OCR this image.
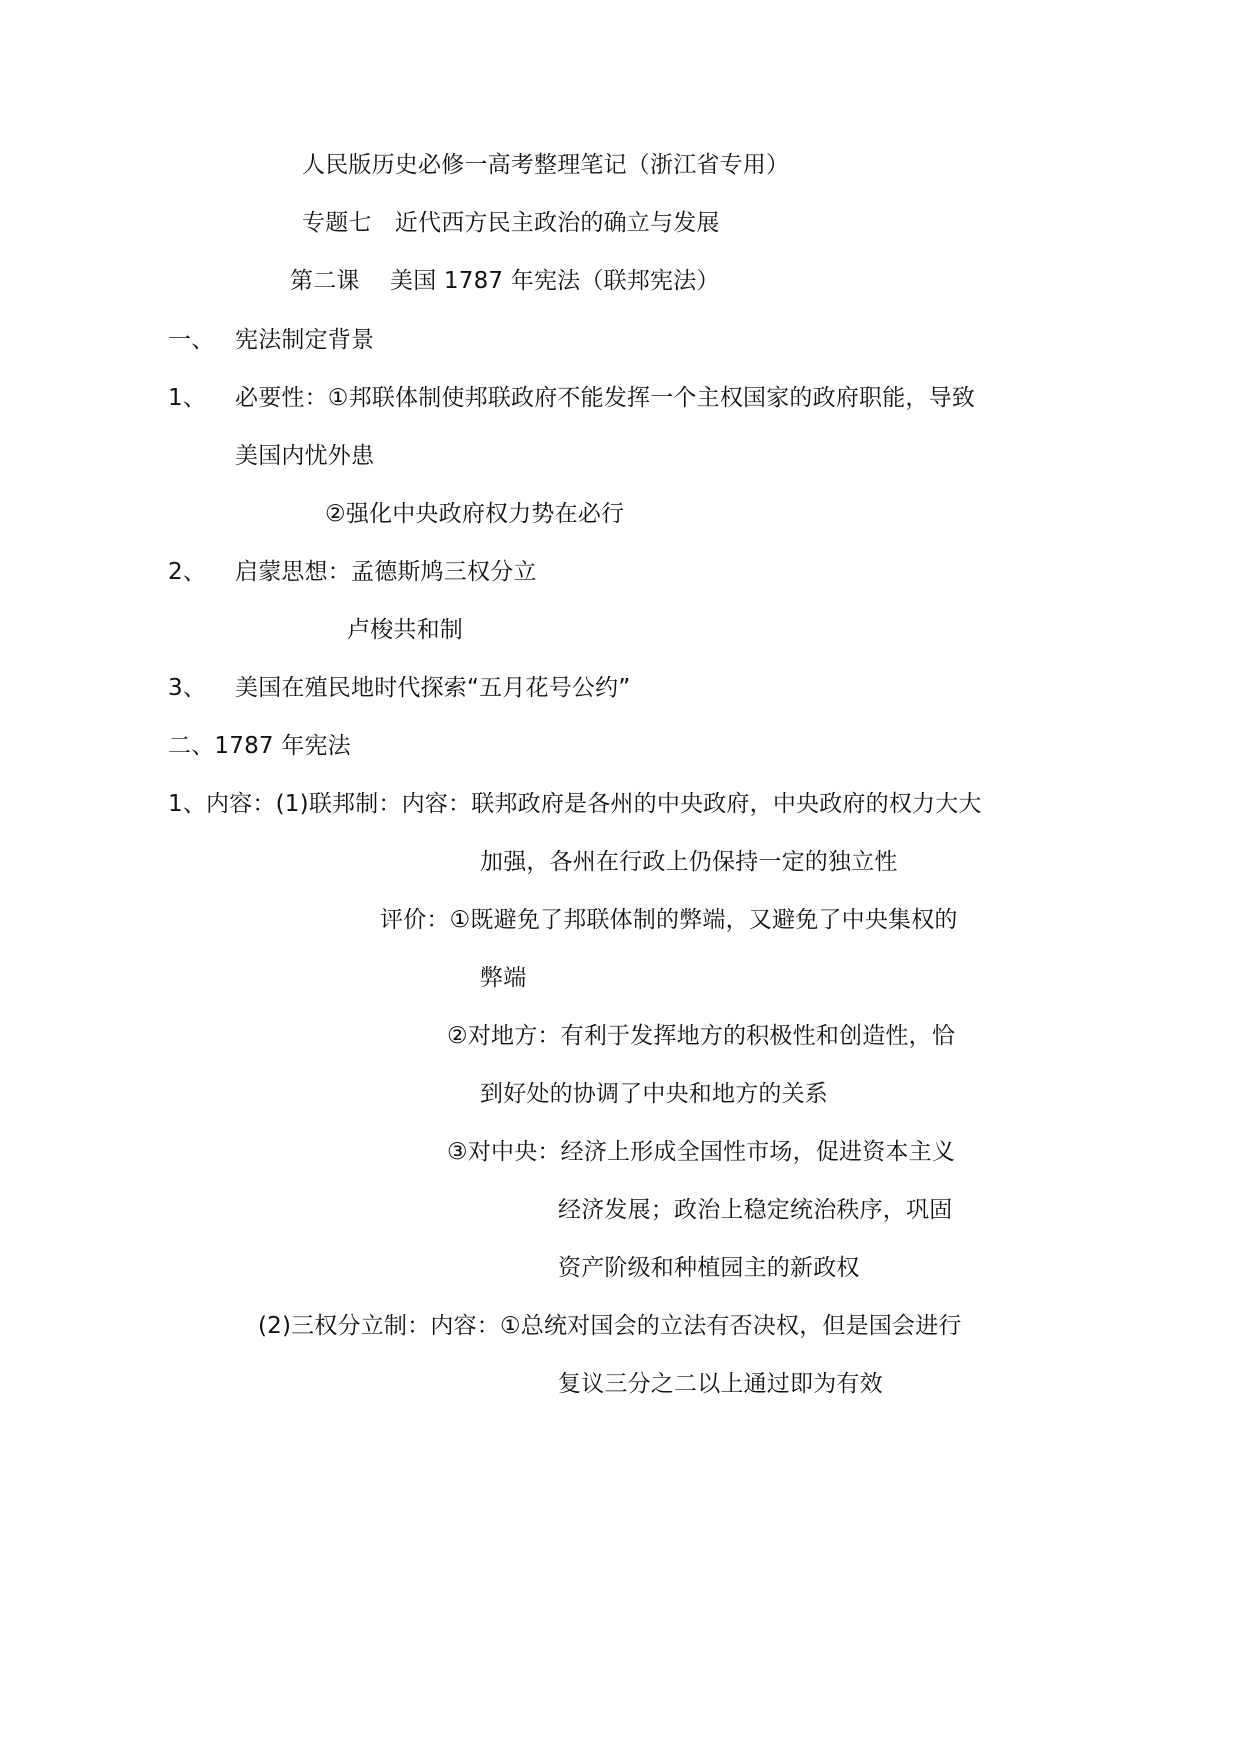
人民版历史必修一高考整理笔记（浙江省专用）
专题七　近代西方民主政治的确立与发展
第二课 美国 1787 年宪法（联邦宪法）
一、 宪法制定背景
1、 必要性：①邦联体制使邦联政府不能发挥一个主权国家的政府职能，导致
美国内忧外患
②强化中央政府权力势在必行
2、 启蒙思想：孟德斯鸠三权分立
卢梭共和制
3、 美国在殖民地时代探索“五月花号公约”
二、1787 年宪法
1、内容：(1)联邦制：内容：联邦政府是各州的中央政府，中央政府的权力大大
加强，各州在行政上仍保持一定的独立性
评价：①既避免了邦联体制的弊端，又避免了中央集权的
弊端
②对地方：有利于发挥地方的积极性和创造性，恰
到好处的协调了中央和地方的关系
③对中央：经济上形成全国性市场，促进资本主义
经济发展；政治上稳定统治秩序，巩固
资产阶级和种植园主的新政权
(2)三权分立制：内容：①总统对国会的立法有否决权，但是国会进行
复议三分之二以上通过即为有效
